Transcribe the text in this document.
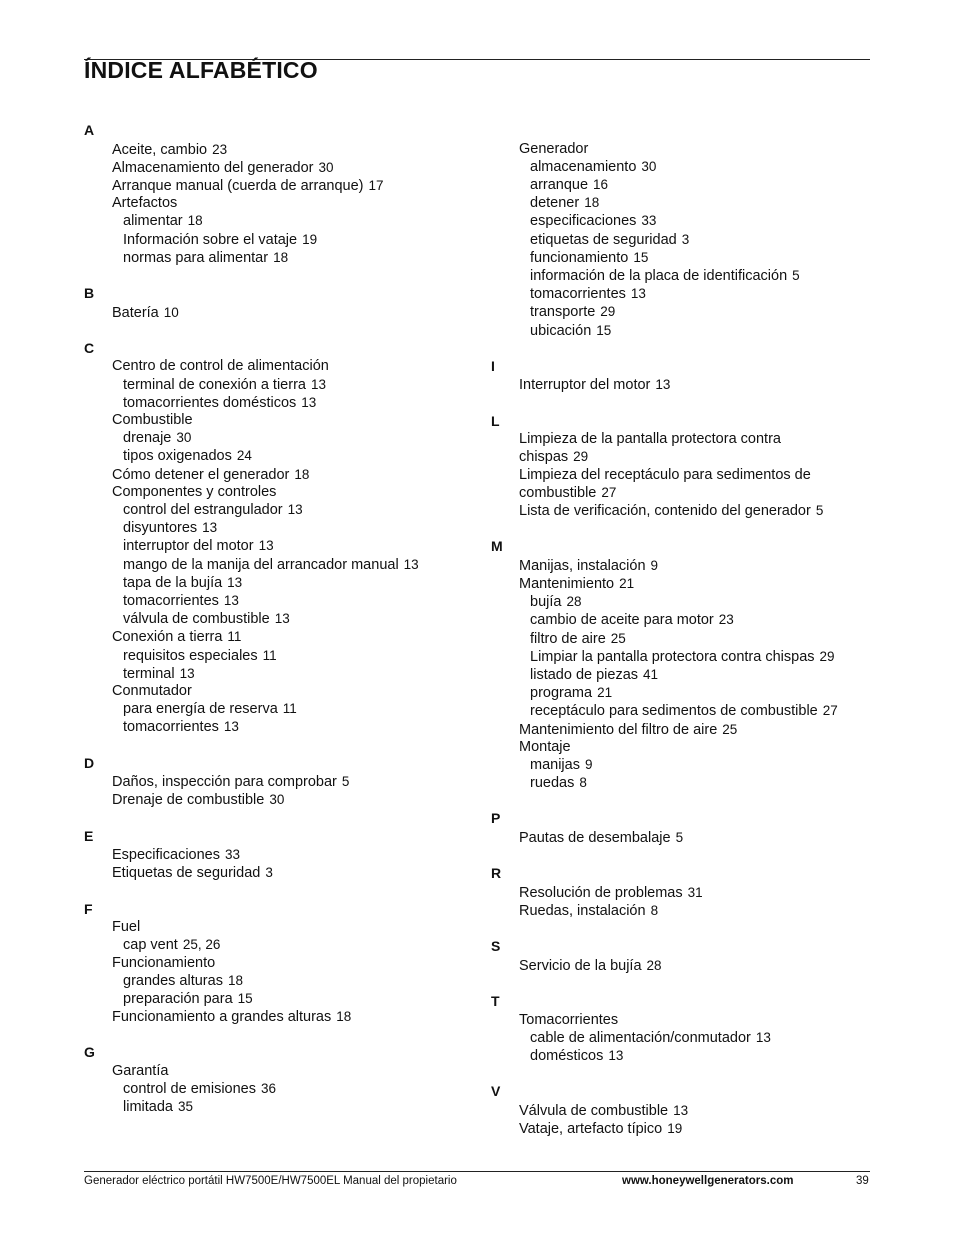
ÍNDICE ALFABÉTICO
A
Aceite, cambio 23
Almacenamiento del generador 30
Arranque manual (cuerda de arranque) 17
Artefactos
alimentar 18
Información sobre el vataje 19
normas para alimentar 18
B
Batería 10
C
Centro de control de alimentación
terminal de conexión a tierra 13
tomacorrientes domésticos 13
Combustible
drenaje 30
tipos oxigenados 24
Cómo detener el generador 18
Componentes y controles
control del estrangulador 13
disyuntores 13
interruptor del motor 13
mango de la manija del arrancador manual 13
tapa de la bujía 13
tomacorrientes 13
válvula de combustible 13
Conexión a tierra 11
requisitos especiales 11
terminal 13
Conmutador
para energía de reserva 11
tomacorrientes 13
D
Daños, inspección para comprobar 5
Drenaje de combustible 30
E
Especificaciones 33
Etiquetas de seguridad 3
F
Fuel
cap vent 25, 26
Funcionamiento
grandes alturas 18
preparación para 15
Funcionamiento a grandes alturas 18
G
Garantía
control de emisiones 36
limitada 35
Generador
almacenamiento 30
arranque 16
detener 18
especificaciones 33
etiquetas de seguridad 3
funcionamiento 15
información de la placa de identificación 5
tomacorrientes 13
transporte 29
ubicación 15
I
Interruptor del motor 13
L
Limpieza de la pantalla protectora contra
chispas 29
Limpieza del receptáculo para sedimentos de
combustible 27
Lista de verificación, contenido del generador 5
M
Manijas, instalación 9
Mantenimiento 21
bujía 28
cambio de aceite para motor 23
filtro de aire 25
Limpiar la pantalla protectora contra chispas 29
listado de piezas 41
programa 21
receptáculo para sedimentos de combustible 27
Mantenimiento del filtro de aire 25
Montaje
manijas 9
ruedas 8
P
Pautas de desembalaje 5
R
Resolución de problemas 31
Ruedas, instalación 8
S
Servicio de la bujía 28
T
Tomacorrientes
cable de alimentación/conmutador 13
domésticos 13
V
Válvula de combustible 13
Vataje, artefacto típico 19
Generador eléctrico portátil HW7500E/HW7500EL Manual del propietario	www.honeywellgenerators.com	39
